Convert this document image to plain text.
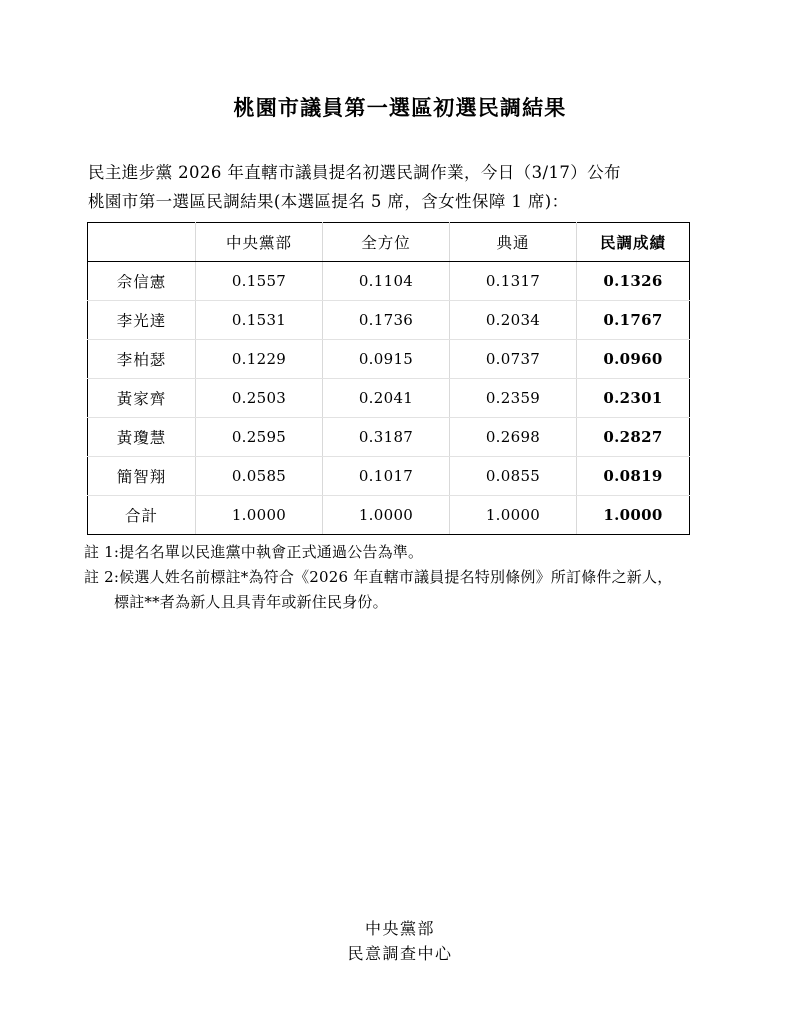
桃園市議員第一選區初選民調結果
民主進步黨 2026 年直轄市議員提名初選民調作業，今日（3/17）公布
桃園市第一選區民調結果(本選區提名 5 席，含女性保障 1 席)：
	中央黨部	全方位	典通	民調成績
佘信憲	0.1557	0.1104	0.1317	0.1326
李光達	0.1531	0.1736	0.2034	0.1767
李柏瑟	0.1229	0.0915	0.0737	0.0960
黃家齊	0.2503	0.2041	0.2359	0.2301
黃瓊慧	0.2595	0.3187	0.2698	0.2827
簡智翔	0.0585	0.1017	0.0855	0.0819
合計	1.0000	1.0000	1.0000	1.0000
註 1:提名名單以民進黨中執會正式通過公告為準。
註 2:候選人姓名前標註*為符合《2026 年直轄市議員提名特別條例》所訂條件之新人，
標註**者為新人且具青年或新住民身份。
中央黨部
民意調查中心
